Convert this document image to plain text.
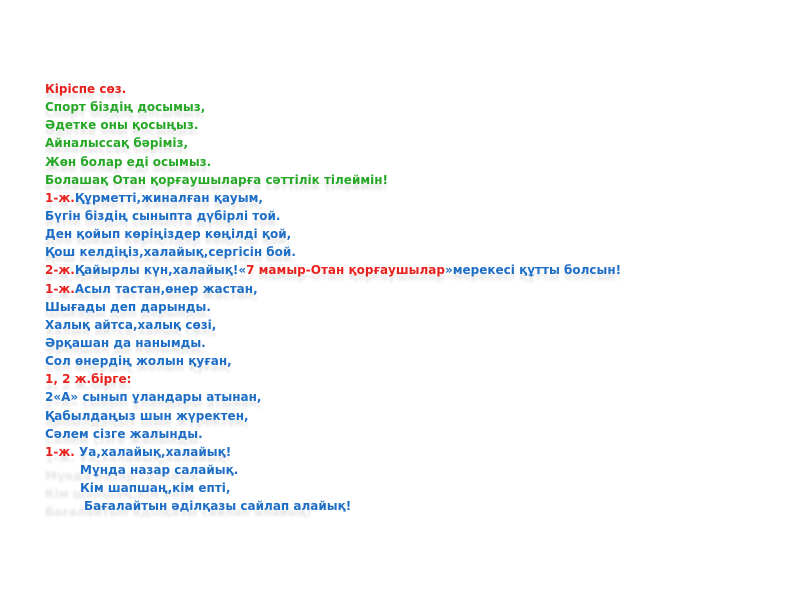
Кіріспе сөз. Кіріспе сөз.
Спорт біздің досымыз, Спорт біздің досымыз,
Әдетке оны қосыңыз. Әдетке оны қосыңыз.
Айналыссақ бәріміз, Айналыссақ бәріміз,
Жөн болар еді осымыз. Жөн болар еді осымыз.
Болашақ Отан қорғаушыларға сәттілік тілеймін! Болашақ Отан қорғаушыларға сәттілік тілеймін!
1-ж.Құрметті,жиналған қауым, 1-ж.Құрметті,жиналған қауым,
Бүгін біздің сыныпта дүбірлі той. Бүгін біздің сыныпта дүбірлі той.
Ден қойып көріңіздер көңілді қой, Ден қойып көріңіздер көңілді қой,
Қош келдіңіз,халайық,сергісін бой. Қош келдіңіз,халайық,сергісін бой.
2-ж.Қайырлы күн,халайық!«7 мамыр-Отан қорғаушылар»мерекесі құтты болсын! 2-ж.Қайырлы күн,халайық!«7 мамыр-Отан қорғаушылар»мерекесі құтты болсын!
1-ж.Асыл тастан,өнер жастан, 1-ж.Асыл тастан,өнер жастан,
Шығады деп дарынды. Шығады деп дарынды.
Халық айтса,халық сөзі, Халық айтса,халық сөзі,
Әрқашан да нанымды. Әрқашан да нанымды.
Сол өнердің жолын қуған, Сол өнердің жолын қуған,
1, 2 ж.бірге: 1, 2 ж.бірге:
2«А» сынып ұландары атынан, 2«А» сынып ұландары атынан,
Қабылдаңыз шын жүректен, Қабылдаңыз шын жүректен,
Сәлем сізге жалынды. Сәлем сізге жалынды.
1-ж. Уа,халайық,халайық! 1-ж. Уа,халайық,халайық!
Мұнда назар салайық. Мұнда назар салайық.
Кім шапшаң,кім епті, Кім шапшаң,кім епті,
Бағалайтын әділқазы сайлап алайық! Бағалайтын әділқазы сайлап алайық!
